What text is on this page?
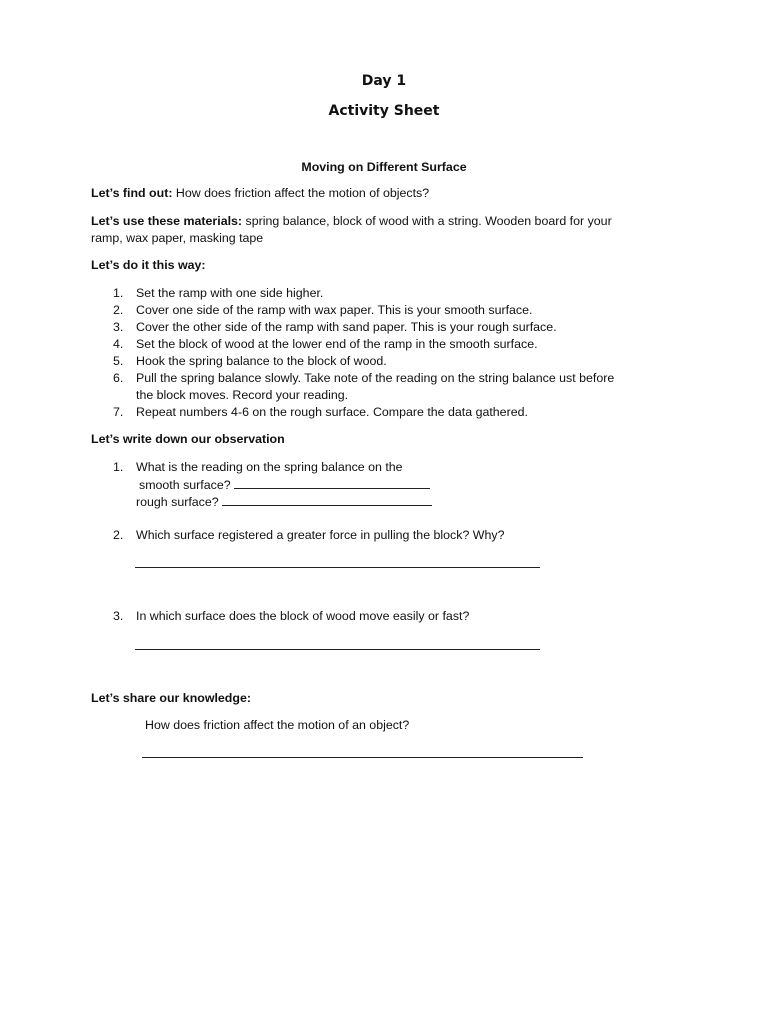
Day 1
Activity Sheet
Moving on Different Surface
Let’s find out: How does friction affect the motion of objects?
Let’s use these materials: spring balance, block of wood with a string. Wooden board for your
ramp, wax paper, masking tape
Let’s do it this way:
1. Set the ramp with one side higher.
2. Cover one side of the ramp with wax paper. This is your smooth surface.
3. Cover the other side of the ramp with sand paper. This is your rough surface.
4. Set the block of wood at the lower end of the ramp in the smooth surface.
5. Hook the spring balance to the block of wood.
6. Pull the spring balance slowly. Take note of the reading on the string balance ust before
the block moves. Record your reading.
7. Repeat numbers 4-6 on the rough surface. Compare the data gathered.
Let’s write down our observation
1. What is the reading on the spring balance on the
smooth surface?
rough surface?
2. Which surface registered a greater force in pulling the block? Why?
3. In which surface does the block of wood move easily or fast?
Let’s share our knowledge:
How does friction affect the motion of an object?
